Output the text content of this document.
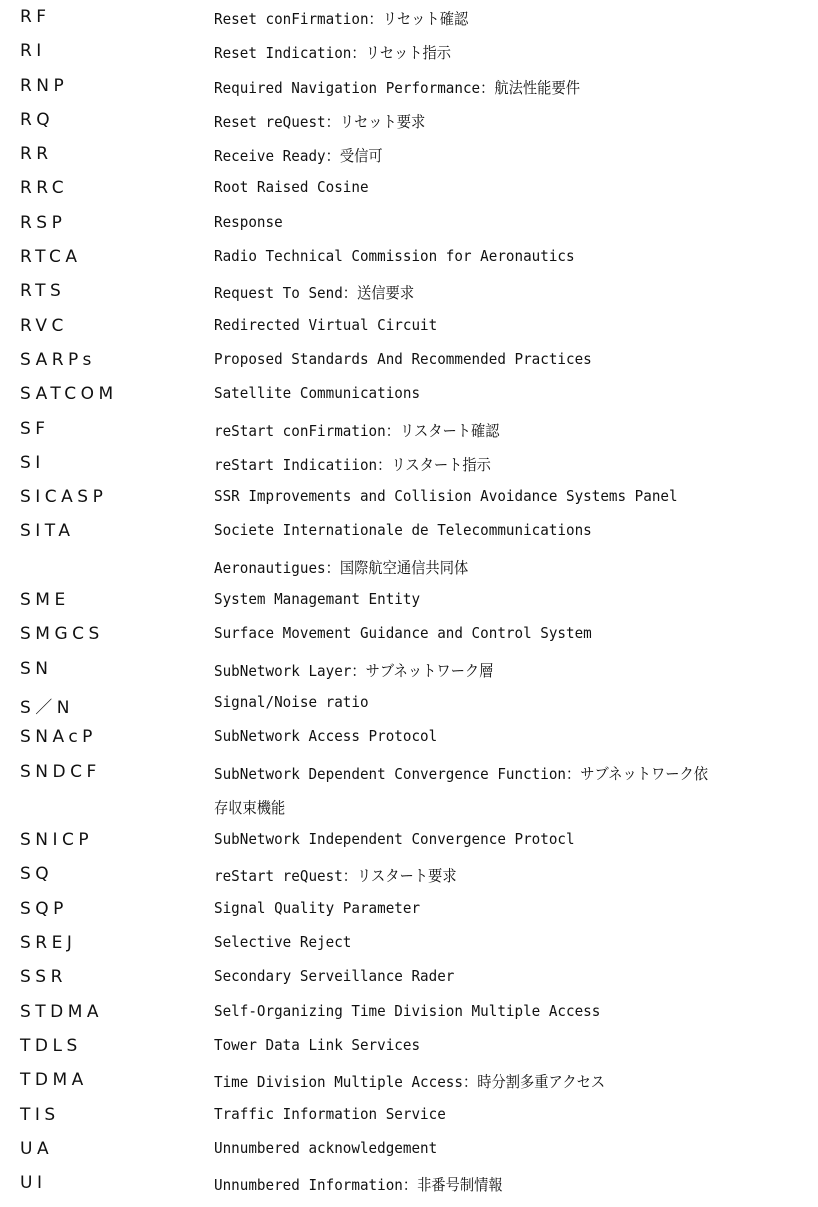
RF	Reset conFirmation：リセット確認
RI	Reset Indication：リセット指示
RNP	Required Navigation Performance：航法性能要件
RQ	Reset reQuest：リセット要求
RR	Receive Ready：受信可
RRC	Root Raised Cosine
RSP	Response
RTCA	Radio Technical Commission for Aeronautics
RTS	Request To Send：送信要求
RVC	Redirected Virtual Circuit
SARPs	Proposed Standards And Recommended Practices
SATCOM	Satellite Communications
SF	reStart conFirmation：リスタート確認
SI	reStart Indicatiion：リスタート指示
SICASP	SSR Improvements and Collision Avoidance Systems Panel
SITA	Societe Internationale de Telecommunications
Aeronautigues：国際航空通信共同体
SME	System Managemant Entity
SMGCS	Surface Movement Guidance and Control System
SN	SubNetwork Layer：サブネットワーク層
S／N	Signal/Noise ratio
SNAcP	SubNetwork Access Protocol
SNDCF	SubNetwork Dependent Convergence Function：サブネットワーク依
存収束機能
SNICP	SubNetwork Independent Convergence Protocl
SQ	reStart reQuest：リスタート要求
SQP	Signal Quality Parameter
SREJ	Selective Reject
SSR	Secondary Serveillance Rader
STDMA	Self-Organizing Time Division Multiple Access
TDLS	Tower Data Link Services
TDMA	Time Division Multiple Access：時分割多重アクセス
TIS	Traffic Information Service
UA	Unnumbered acknowledgement
UI	Unnumbered Information：非番号制情報
